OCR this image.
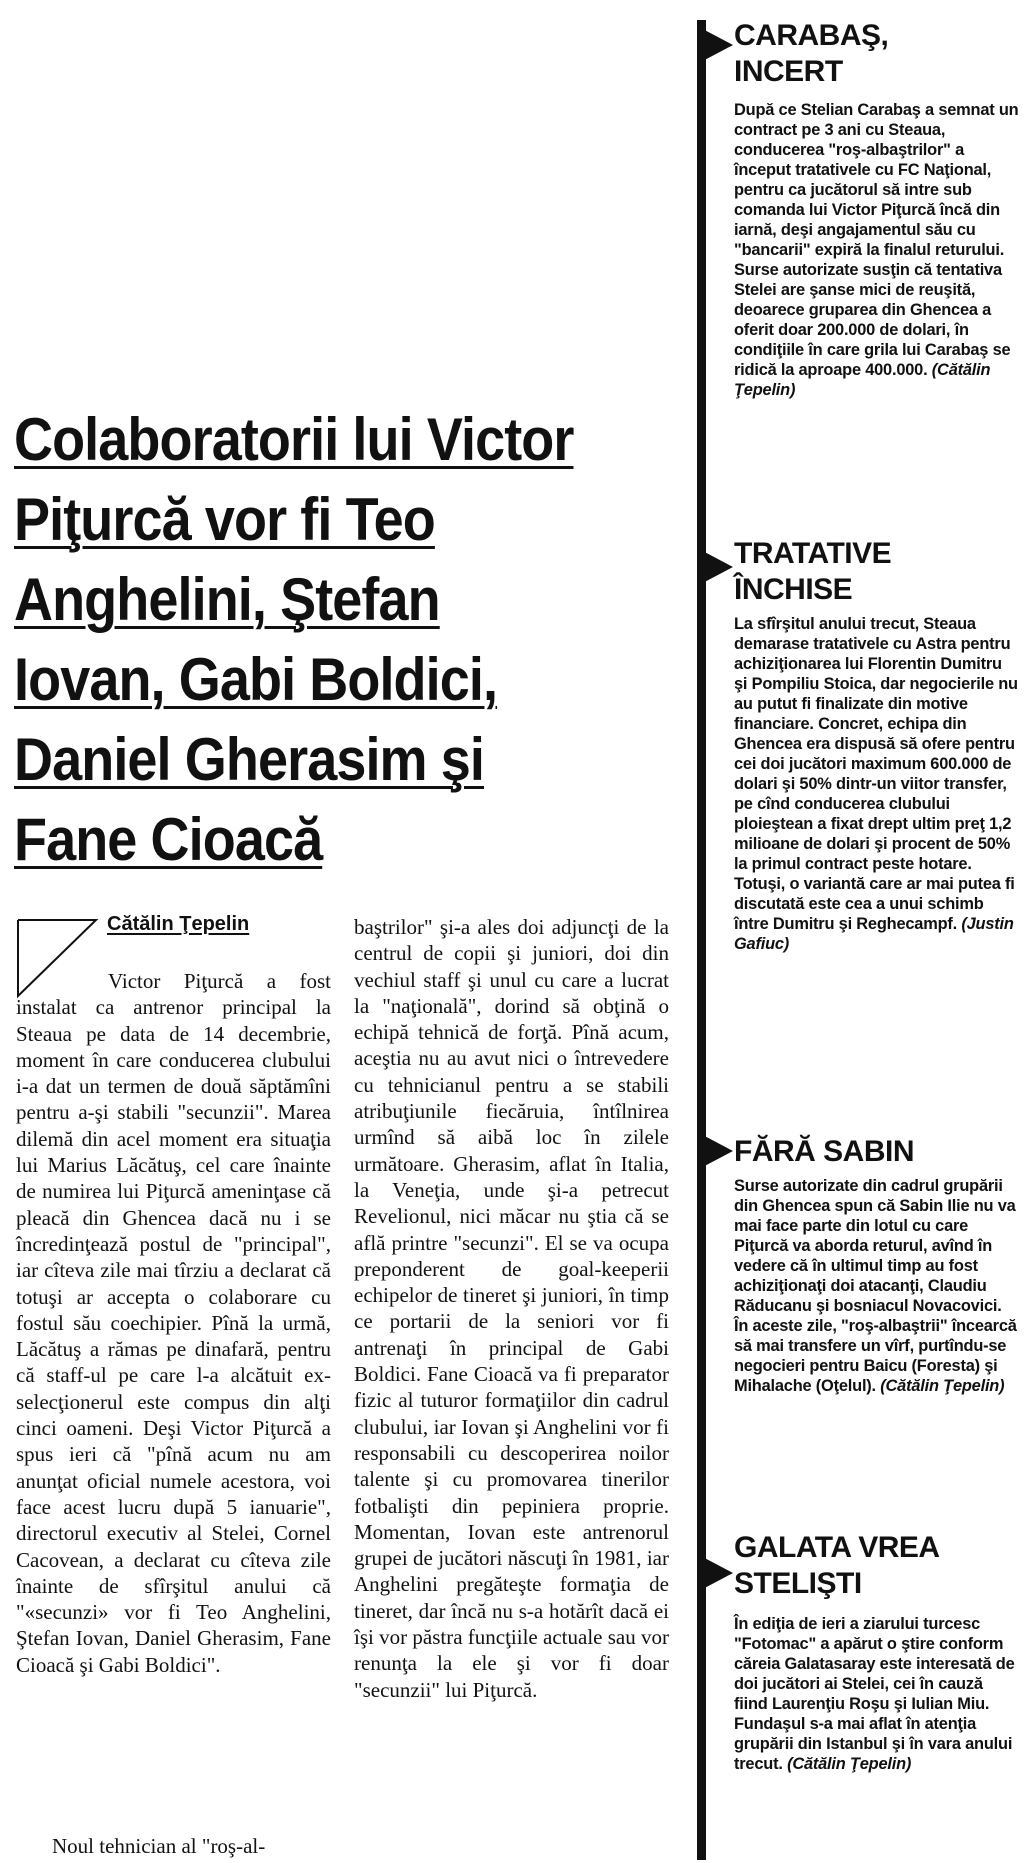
Colaboratorii lui Victor Piţurcă vor fi Teo Anghelini, Ştefan Iovan, Gabi Boldici, Daniel Gherasim şi Fane Cioacă
Cătălin Ţepelin

Victor Piţurcă a fost instalat ca antrenor principal la Steaua pe data de 14 decembrie, moment în care conducerea clubului i-a dat un termen de două săptămîni pentru a-şi stabili "secunzii". Marea dilemă din acel moment era situaţia lui Marius Lăcătuş, cel care înainte de numirea lui Piţurcă ameninţase că pleacă din Ghencea dacă nu i se încredinţează postul de "principal", iar cîteva zile mai tîrziu a declarat că totuşi ar accepta o colaborare cu fostul său coechipier. Pînă la urmă, Lăcătuş a rămas pe dinafară, pentru că staff-ul pe care l-a alcătuit ex-selecţionerul este compus din alţi cinci oameni. Deşi Victor Piţurcă a spus ieri că "pînă acum nu am anunţat oficial numele acestora, voi face acest lucru după 5 ianuarie", directorul executiv al Stelei, Cornel Cacovean, a declarat cu cîteva zile înainte de sfîrşitul anului că "«secunzi» vor fi Teo Anghelini, Ştefan Iovan, Daniel Gherasim, Fane Cioacă şi Gabi Boldici".

Noul tehnician al "roş-al-

baştrilor" şi-a ales doi adjuncţi de la centrul de copii şi juniori, doi din vechiul staff şi unul cu care a lucrat la "naţională", dorind să obţină o echipă tehnică de forţă. Pînă acum, aceştia nu au avut nici o întrevedere cu tehnicianul pentru a se stabili atribuţiunile fiecăruia, întîlnirea urmînd să aibă loc în zilele următoare. Gherasim, aflat în Italia, la Veneţia, unde şi-a petrecut Revelionul, nici măcar nu ştia că se află printre "secunzi". El se va ocupa preponderent de goal-keeperii echipelor de tineret şi juniori, în timp ce portarii de la seniori vor fi antrenaţi în principal de Gabi Boldici. Fane Cioacă va fi preparator fizic al tuturor formaţiilor din cadrul clubului, iar Iovan şi Anghelini vor fi responsabili cu descoperirea noilor talente şi cu promovarea tinerilor fotbalişti din pepiniera proprie. Momentan, Iovan este antrenorul grupei de jucători născuţi în 1981, iar Anghelini pregăteşte formaţia de tineret, dar încă nu s-a hotărît dacă ei îşi vor păstra funcţiile actuale sau vor renunţa la ele şi vor fi doar "secunzii" lui Piţurcă.

CARABAŞ,
INCERT

După ce Stelian Carabaş a semnat un contract pe 3 ani cu Steaua, conducerea "roş-albaştrilor" a început tratativele cu FC Naţional, pentru ca jucătorul să intre sub comanda lui Victor Piţurcă încă din iarnă, deşi angajamentul său cu "bancarii" expiră la finalul returului. Surse autorizate susţin că tentativa Stelei are şanse mici de reuşită, deoarece gruparea din Ghencea a oferit doar 200.000 de dolari, în condiţiile în care grila lui Carabaş se ridică la aproape 400.000. (Cătălin Ţepelin)

TRATATIVE
ÎNCHISE

La sfîrşitul anului trecut, Steaua demarase tratativele cu Astra pentru achiziţionarea lui Florentin Dumitru şi Pompiliu Stoica, dar negocierile nu au putut fi finalizate din motive financiare. Concret, echipa din Ghencea era dispusă să ofere pentru cei doi jucători maximum 600.000 de dolari şi 50% dintr-un viitor transfer, pe cînd conducerea clubului ploieştean a fixat drept ultim preţ 1,2 milioane de dolari şi procent de 50% la primul contract peste hotare. Totuşi, o variantă care ar mai putea fi discutată este cea a unui schimb între Dumitru şi Reghecampf. (Justin Gafiuc)

FĂRĂ SABIN

Surse autorizate din cadrul grupării din Ghencea spun că Sabin Ilie nu va mai face parte din lotul cu care Piţurcă va aborda returul, avînd în vedere că în ultimul timp au fost achiziţionaţi doi atacanţi, Claudiu Răducanu şi bosniacul Novacovici. În aceste zile, "roş-albaştrii" încearcă să mai transfere un vîrf, purtîndu-se negocieri pentru Baicu (Foresta) şi Mihalache (Oţelul). (Cătălin Ţepelin)

GALATA VREA
STELIŞTI

În ediţia de ieri a ziarului turcesc "Fotomac" a apărut o ştire conform căreia Galatasaray este interesată de doi jucători ai Stelei, cei în cauză fiind Laurenţiu Roşu şi Iulian Miu. Fundaşul s-a mai aflat în atenţia grupării din Istanbul şi în vara anului trecut. (Cătălin Ţepelin)
